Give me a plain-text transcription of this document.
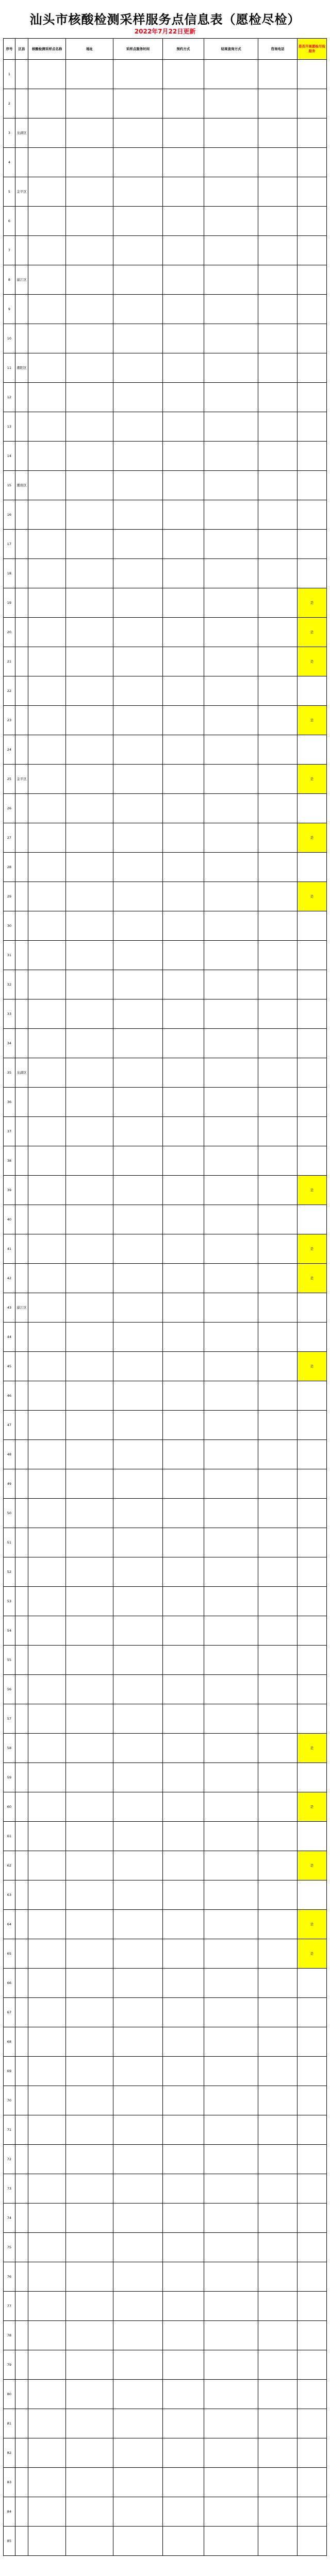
汕头市核酸检测采样服务点信息表（愿检尽检）
2022年7月22日更新
序号	区县	核酸检测采样点名称	地址	采样点服务时间	预约方式	结果查询方式	咨询电话	是否开展愿检尽检服务
1								
2								
3	龙湖区							
4								
5	金平区							
6								
7								
8	濠江区							
9								
10								
11	潮阳区							
12								
13								
14								
15	潮南区							
16								
17								
18								
19								是
20								是
21								是
22								
23								是
24								
25	金平区							是
26								
27								是
28								
29								是
30								
31								
32								
33								
34								
35	龙湖区							
36								
37								
38								
39								是
40								
41								是
42								是
43	濠江区							
44								
45								是
46								
47								
48								
49								
50								
51								
52								
53								
54								
55								
56								
57								
58								是
59								
60								是
61								
62								是
63								
64								是
65								是
66								
67								
68								
69								
70								
71								
72								
73								
74								
75								
76								
77								
78								
79								
80								
81								
82								
83								
84								
85								
